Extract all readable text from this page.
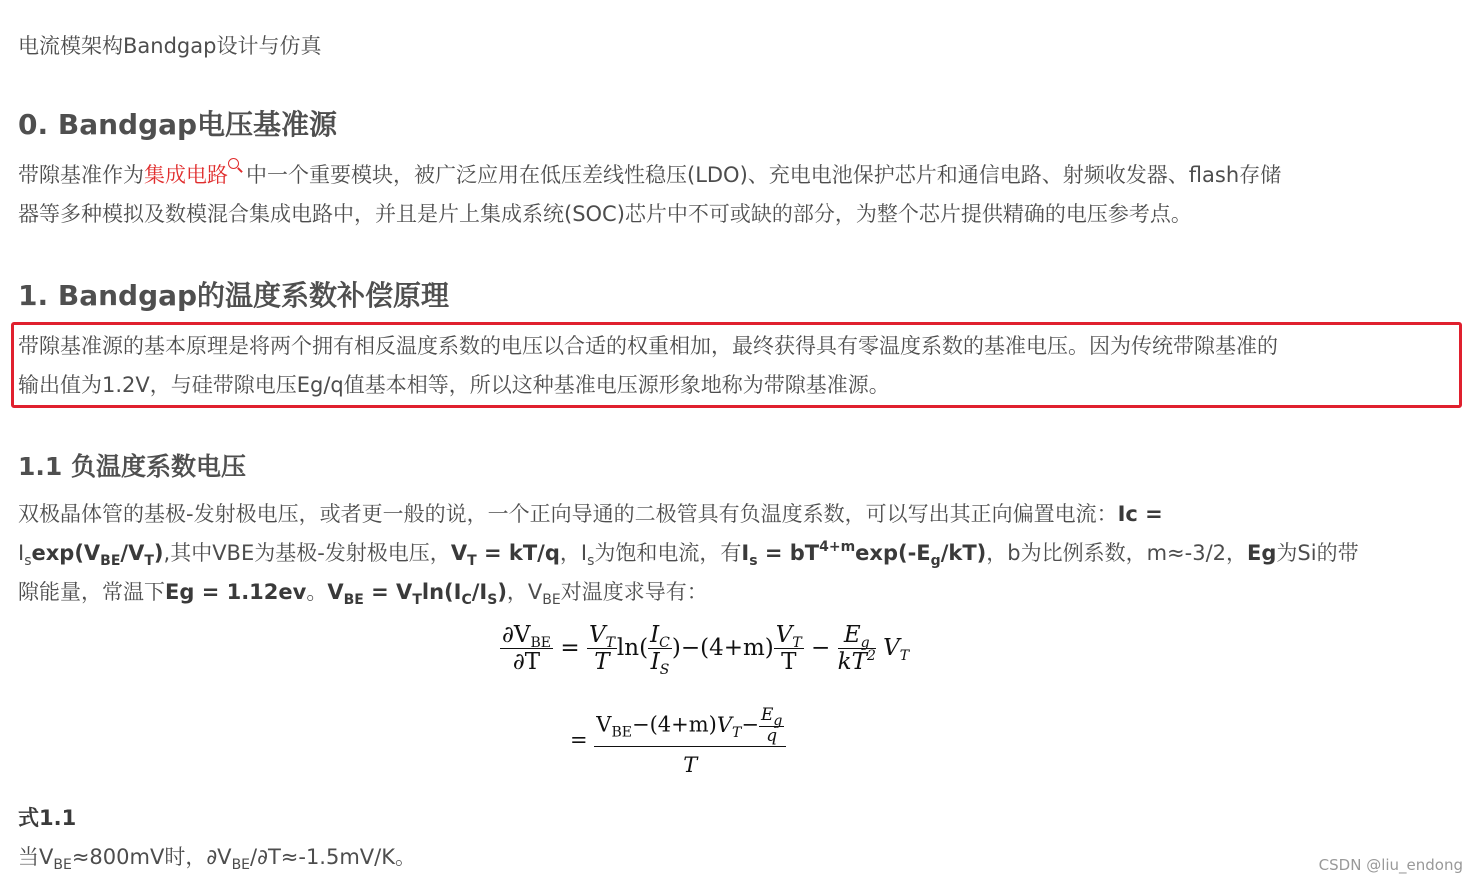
电流模架构Bandgap设计与仿真
0. Bandgap电压基准源
带隙基准作为集成电路 中一个重要模块，被广泛应用在低压差线性稳压(LDO)、充电电池保护芯片和通信电路、射频收发器、flash存储
器等多种模拟及数模混合集成电路中，并且是片上集成系统(SOC)芯片中不可或缺的部分，为整个芯片提供精确的电压参考点。
1. Bandgap的温度系数补偿原理
带隙基准源的基本原理是将两个拥有相反温度系数的电压以合适的权重相加，最终获得具有零温度系数的基准电压。因为传统带隙基准的
输出值为1.2V，与硅带隙电压Eg/q值基本相等，所以这种基准电压源形象地称为带隙基准源。
1.1 负温度系数电压
双极晶体管的基极-发射极电压，或者更一般的说，一个正向导通的二极管具有负温度系数，可以写出其正向偏置电流：Ic =
$I_s\exp(V_{BE}/V_T)$,其中VBE为基极-发射极电压，$V_T = kT/q$，$I_s$为饱和电流，有$I_s = bT^{4+m}\exp(-E_g/kT)$，b为比例系数，m≈-3/2，Eg为Si的带
隙能量，常温下Eg = 1.12ev。$V_{BE} = V_T\ln(I_C/I_S)$，$V_{BE}$对温度求导有：
$\frac{\partial V_{BE}}{\partial T} = \frac{V_T}{T} \ln( \frac{I_C}{I_S} )-(4+m) \frac{V_T}{T} - \frac{E_g}{kT^2} V_T$
= $\frac{V_{BE}-(4+m)V_T- \frac{E_g}{q}}{T}$
式1.1
当$V_{BE}\approx 800mV$时，$\partial V_{BE}/\partial T\approx-1.5mV/K$。	CSDN @liu_endong
